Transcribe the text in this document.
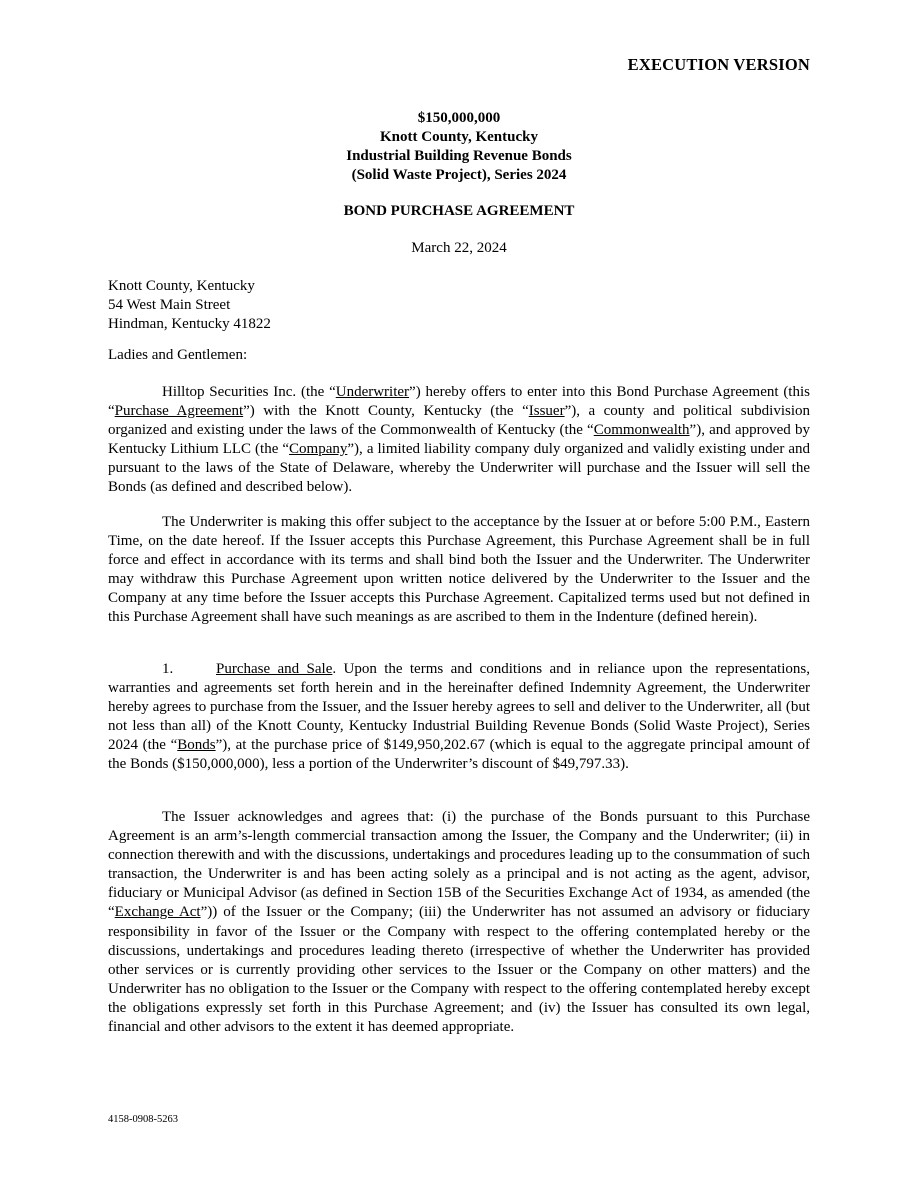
EXECUTION VERSION
$150,000,000
Knott County, Kentucky
Industrial Building Revenue Bonds
(Solid Waste Project), Series 2024
BOND PURCHASE AGREEMENT
March 22, 2024
Knott County, Kentucky
54 West Main Street
Hindman, Kentucky 41822
Ladies and Gentlemen:

Hilltop Securities Inc. (the “Underwriter”) hereby offers to enter into this Bond Purchase Agreement (this “Purchase Agreement”) with the Knott County, Kentucky (the “Issuer”), a county and political subdivision organized and existing under the laws of the Commonwealth of Kentucky (the “Commonwealth”), and approved by Kentucky Lithium LLC (the “Company”), a limited liability company duly organized and validly existing under and pursuant to the laws of the State of Delaware, whereby the Underwriter will purchase and the Issuer will sell the Bonds (as defined and described below).

The Underwriter is making this offer subject to the acceptance by the Issuer at or before 5:00 P.M., Eastern Time, on the date hereof. If the Issuer accepts this Purchase Agreement, this Purchase Agreement shall be in full force and effect in accordance with its terms and shall bind both the Issuer and the Underwriter. The Underwriter may withdraw this Purchase Agreement upon written notice delivered by the Underwriter to the Issuer and the Company at any time before the Issuer accepts this Purchase Agreement. Capitalized terms used but not defined in this Purchase Agreement shall have such meanings as are ascribed to them in the Indenture (defined herein).

1.	Purchase and Sale. Upon the terms and conditions and in reliance upon the representations, warranties and agreements set forth herein and in the hereinafter defined Indemnity Agreement, the Underwriter hereby agrees to purchase from the Issuer, and the Issuer hereby agrees to sell and deliver to the Underwriter, all (but not less than all) of the Knott County, Kentucky Industrial Building Revenue Bonds (Solid Waste Project), Series 2024 (the “Bonds”), at the purchase price of $149,950,202.67 (which is equal to the aggregate principal amount of the Bonds ($150,000,000), less a portion of the Underwriter’s discount of $49,797.33).

The Issuer acknowledges and agrees that: (i) the purchase of the Bonds pursuant to this Purchase Agreement is an arm’s-length commercial transaction among the Issuer, the Company and the Underwriter; (ii) in connection therewith and with the discussions, undertakings and procedures leading up to the consummation of such transaction, the Underwriter is and has been acting solely as a principal and is not acting as the agent, advisor, fiduciary or Municipal Advisor (as defined in Section 15B of the Securities Exchange Act of 1934, as amended (the “Exchange Act”)) of the Issuer or the Company; (iii) the Underwriter has not assumed an advisory or fiduciary responsibility in favor of the Issuer or the Company with respect to the offering contemplated hereby or the discussions, undertakings and procedures leading thereto (irrespective of whether the Underwriter has provided other services or is currently providing other services to the Issuer or the Company on other matters) and the Underwriter has no obligation to the Issuer or the Company with respect to the offering contemplated hereby except the obligations expressly set forth in this Purchase Agreement; and (iv) the Issuer has consulted its own legal, financial and other advisors to the extent it has deemed appropriate.

4158-0908-5263
